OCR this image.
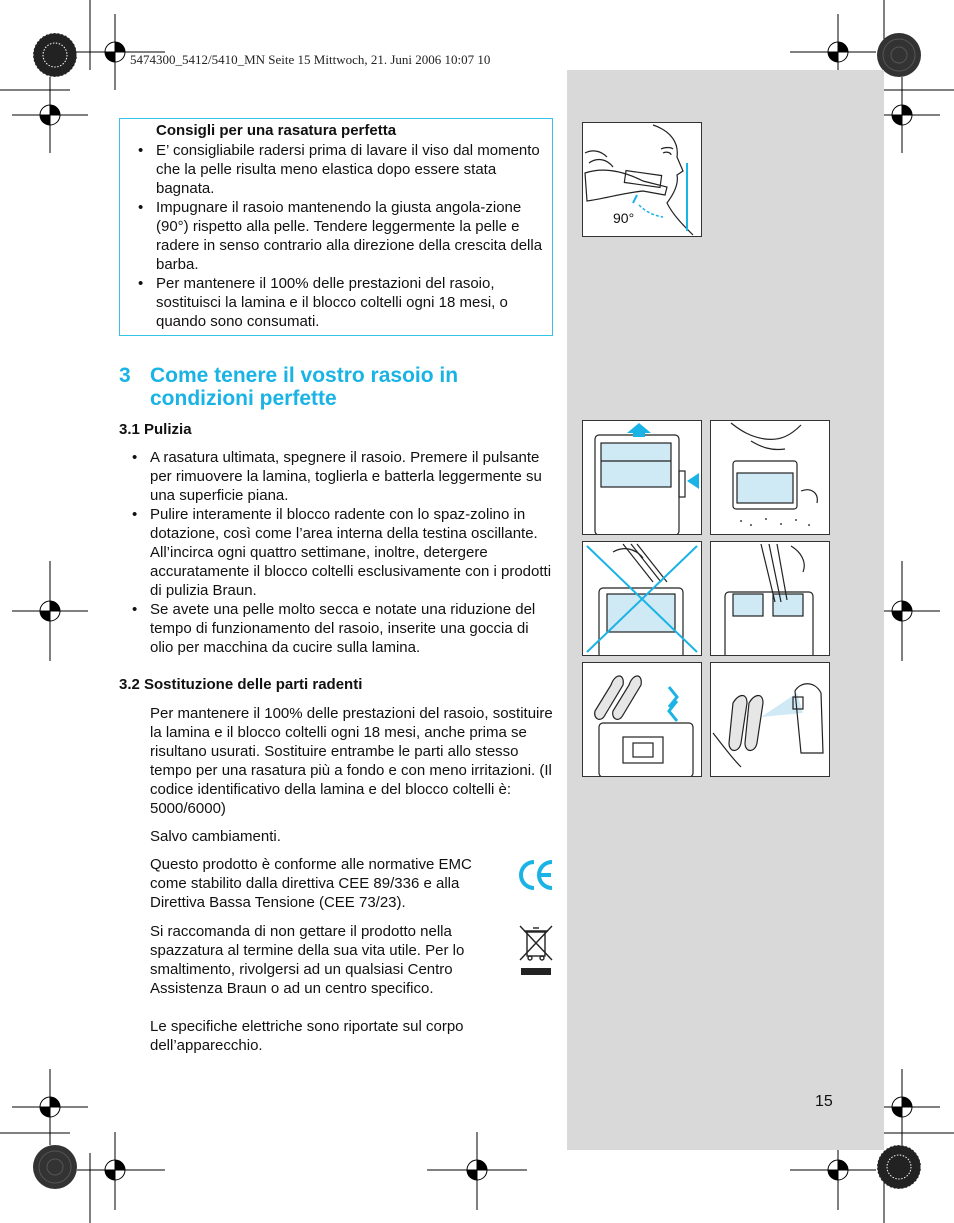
5474300_5412/5410_MN Seite 15 Mittwoch, 21. Juni 2006 10:07 10
Consigli per una rasatura perfetta
• E’ consigliabile radersi prima di lavare il viso dal momento che la pelle risulta meno elastica dopo essere stata bagnata.
• Impugnare il rasoio mantenendo la giusta angola-zione (90°) rispetto alla pelle. Tendere leggermente la pelle e radere in senso contrario alla direzione della crescita della barba.
• Per mantenere il 100% delle prestazioni del rasoio, sostituisci la lamina e il blocco coltelli ogni 18 mesi, o quando sono consumati.
3 Come tenere il vostro rasoio in condizioni perfette
3.1 Pulizia
• A rasatura ultimata, spegnere il rasoio. Premere il pulsante per rimuovere la lamina, toglierla e batterla leggermente su una superficie piana.
• Pulire interamente il blocco radente con lo spaz-zolino in dotazione, così come l’area interna della testina oscillante. All’incirca ogni quattro settimane, inoltre, detergere accuratamente il blocco coltelli esclusivamente con i prodotti di pulizia Braun.
• Se avete una pelle molto secca e notate una riduzione del tempo di funzionamento del rasoio, inserite una goccia di olio per macchina da cucire sulla lamina.
3.2 Sostituzione delle parti radenti
Per mantenere il 100% delle prestazioni del rasoio, sostituire la lamina e il blocco coltelli ogni 18 mesi, anche prima se risultano usurati. Sostituire entrambe le parti allo stesso tempo per una rasatura più a fondo e con meno irritazioni. (Il codice identificativo della lamina e del blocco coltelli è: 5000/6000)
Salvo cambiamenti.
Questo prodotto è conforme alle normative EMC come stabilito dalla direttiva CEE 89/336 e alla Direttiva Bassa Tensione (CEE 73/23).
Si raccomanda di non gettare il prodotto nella spazzatura al termine della sua vita utile. Per lo smaltimento, rivolgersi ad un qualsiasi Centro Assistenza Braun o ad un centro specifico.
Le specifiche elettriche sono riportate sul corpo dell’apparecchio.
90°
15
